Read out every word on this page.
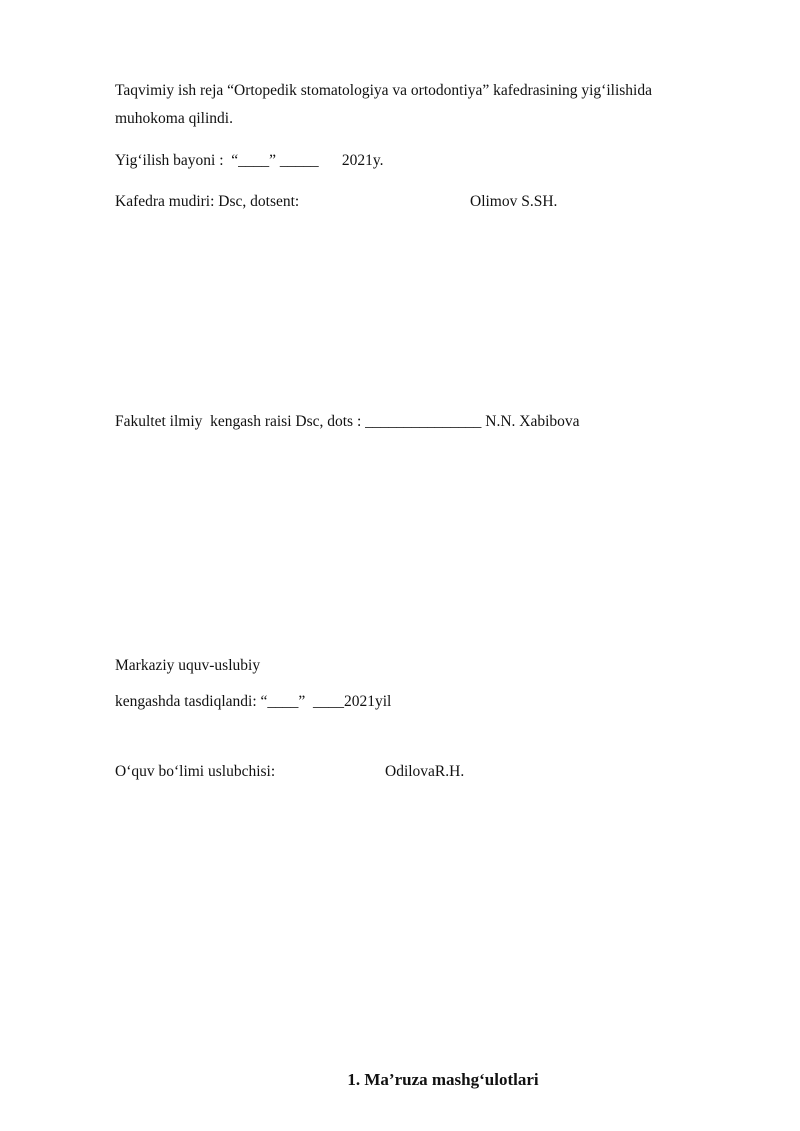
Taqvimiy ish reja “Ortopedik stomatologiya va ortodontiya” kafedrasining yig‘ilishida
muhokoma qilindi.
Yig‘ilish bayoni :  “____” _____      2021y.
Kafedra mudiri: Dsc, dotsent:	Olimov S.SH.
Fakultet ilmiy  kengash raisi Dsc, dots : _______________ N.N. Xabibova
Markaziy uquv-uslubiy
kengashda tasdiqlandi: “____”  ____2021yil
O‘quv bo‘limi uslubchisi:	OdilovaR.H.
1. Ma’ruza mashg‘ulotlari
